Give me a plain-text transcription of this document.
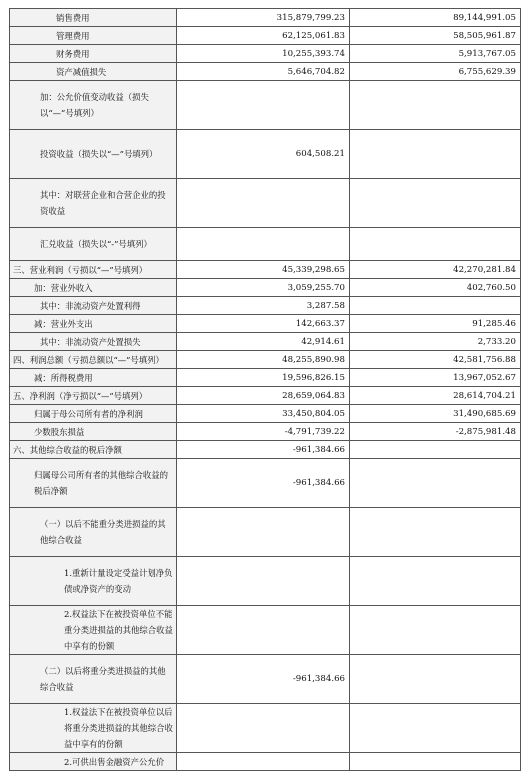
销售费用	315,879,799.23	89,144,991.05
管理费用	62,125,061.83	58,505,961.87
财务费用	10,255,393.74	5,913,767.05
资产减值损失	5,646,704.82	6,755,629.39
加：公允价值变动收益（损失以“—”号填列）		
投资收益（损失以“—”号填列）	604,508.21	
其中：对联营企业和合营企业的投资收益		
汇兑收益（损失以“-”号填列）		
三、营业利润（亏损以“—”号填列）	45,339,298.65	42,270,281.84
加：营业外收入	3,059,255.70	402,760.50
其中：非流动资产处置利得	3,287.58	
减：营业外支出	142,663.37	91,285.46
其中：非流动资产处置损失	42,914.61	2,733.20
四、利润总额（亏损总额以“—”号填列）	48,255,890.98	42,581,756.88
减：所得税费用	19,596,826.15	13,967,052.67
五、净利润（净亏损以“—”号填列）	28,659,064.83	28,614,704.21
归属于母公司所有者的净利润	33,450,804.05	31,490,685.69
少数股东损益	-4,791,739.22	-2,875,981.48
六、其他综合收益的税后净额	-961,384.66	
归属母公司所有者的其他综合收益的税后净额	-961,384.66	
（一）以后不能重分类进损益的其他综合收益		
1.重新计量设定受益计划净负债或净资产的变动		
2.权益法下在被投资单位不能重分类进损益的其他综合收益中享有的份额		
（二）以后将重分类进损益的其他综合收益	-961,384.66	
1.权益法下在被投资单位以后将重分类进损益的其他综合收益中享有的份额		
2.可供出售金融资产公允价		
